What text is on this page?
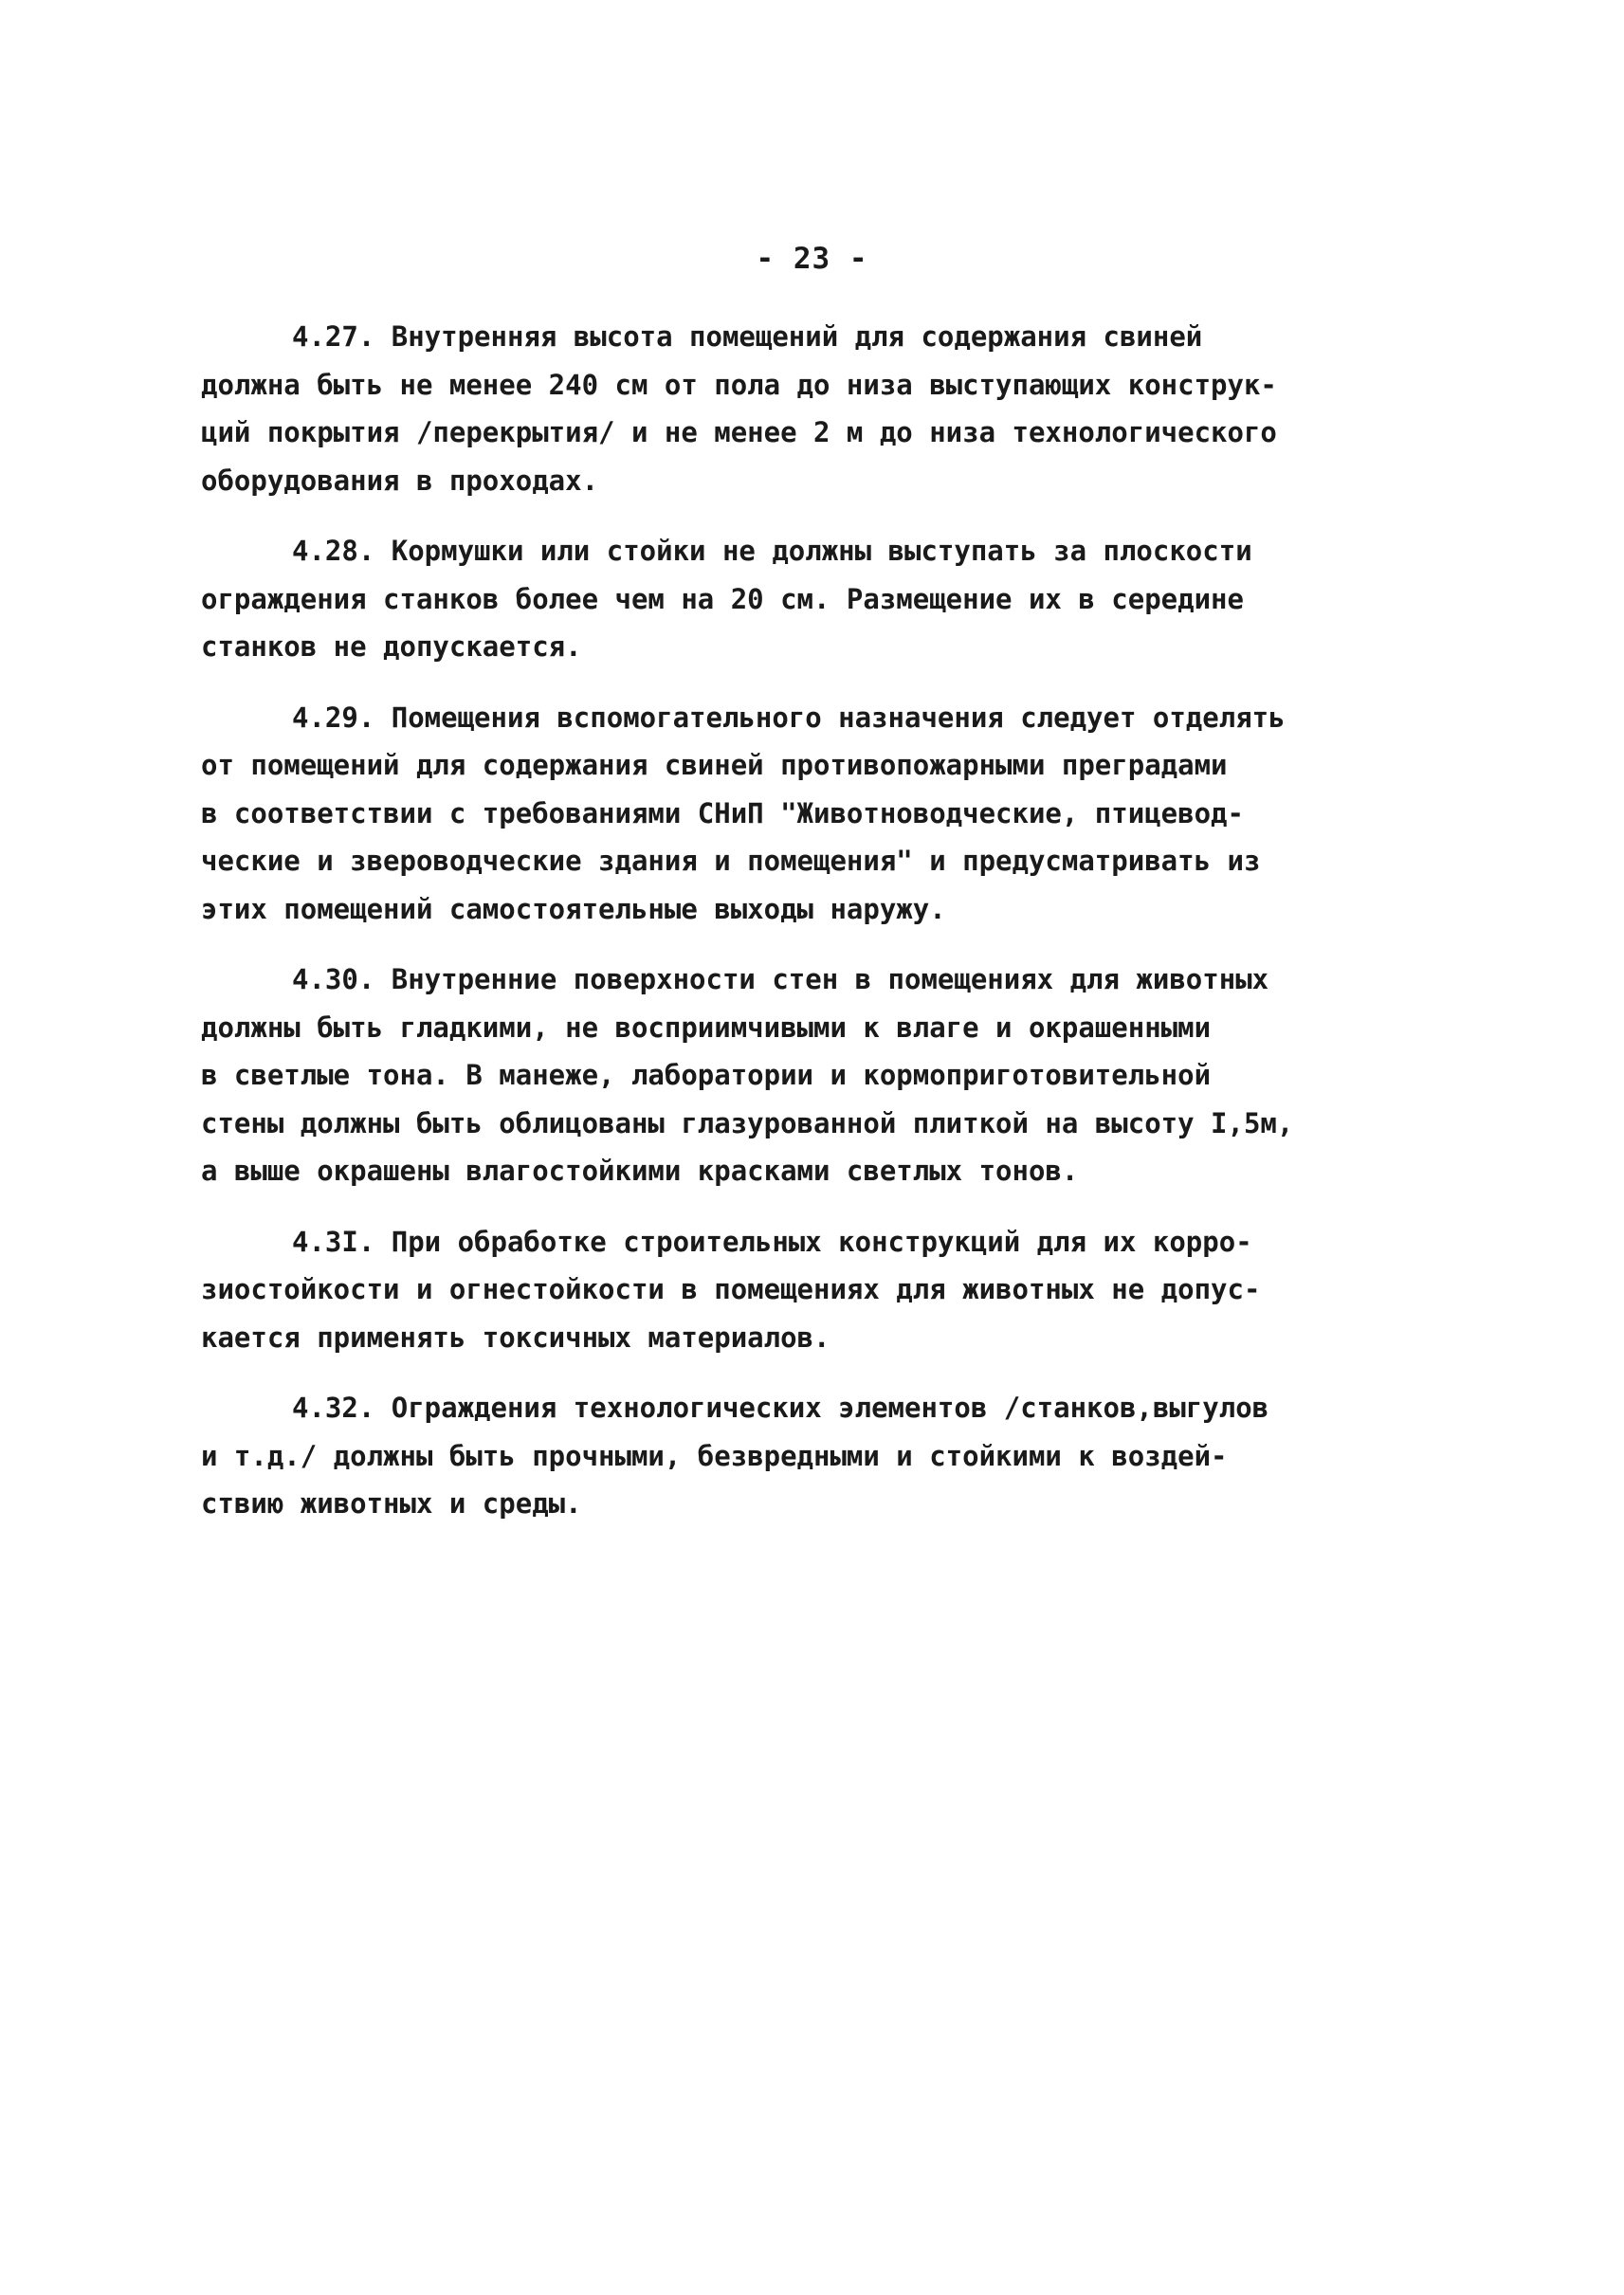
- 23 -
4.27. Внутренняя высота помещений для содержания свиней
должна быть не менее 240 см от пола до низа выступающих конструк-
ций покрытия /перекрытия/ и не менее 2 м до низа технологического
оборудования в проходах.
4.28. Кормушки или стойки не должны выступать за плоскости
ограждения станков более чем на 20 см. Размещение их в середине
станков не допускается.
4.29. Помещения вспомогательного назначения следует отделять
от помещений для содержания свиней противопожарными преградами
в соответствии с требованиями СНиП "Животноводческие, птицевод-
ческие и звероводческие здания и помещения" и предусматривать из
этих помещений самостоятельные выходы наружу.
4.30. Внутренние поверхности стен в помещениях для животных
должны быть гладкими, не восприимчивыми к влаге и окрашенными
в светлые тона. В манеже, лаборатории и кормоприготовительной
стены должны быть облицованы глазурованной плиткой на высоту I,5м,
а выше окрашены влагостойкими красками светлых тонов.
4.3I. При обработке строительных конструкций для их корро-
зиостойкости и огнестойкости в помещениях для животных не допус-
кается применять токсичных материалов.
4.32. Ограждения технологических элементов /станков,выгулов
и т.д./ должны быть прочными, безвредными и стойкими к воздей-
ствию животных и среды.
